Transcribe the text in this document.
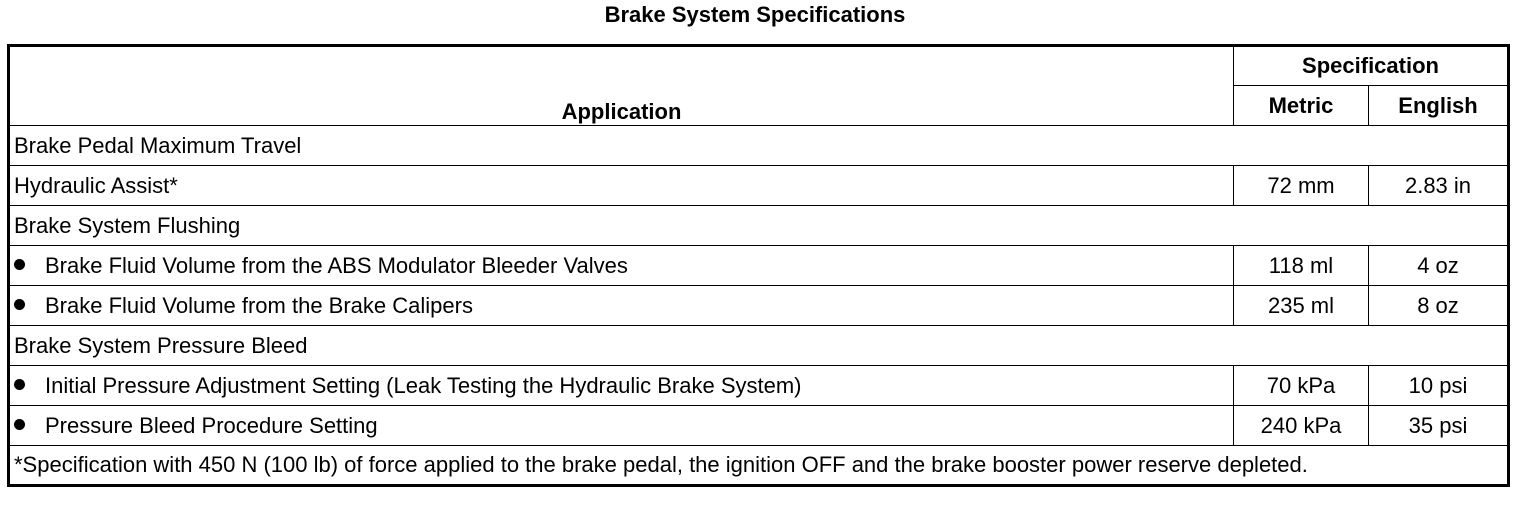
Brake System Specifications
Application	Specification	
	Metric	English
Brake Pedal Maximum Travel		
Hydraulic Assist*	72 mm	2.83 in
Brake System Flushing		
Brake Fluid Volume from the ABS Modulator Bleeder Valves	118 ml	4 oz
Brake Fluid Volume from the Brake Calipers	235 ml	8 oz
Brake System Pressure Bleed		
Initial Pressure Adjustment Setting (Leak Testing the Hydraulic Brake System)	70 kPa	10 psi
Pressure Bleed Procedure Setting	240 kPa	35 psi
*Specification with 450 N (100 lb) of force applied to the brake pedal, the ignition OFF and the brake booster power reserve depleted.		
